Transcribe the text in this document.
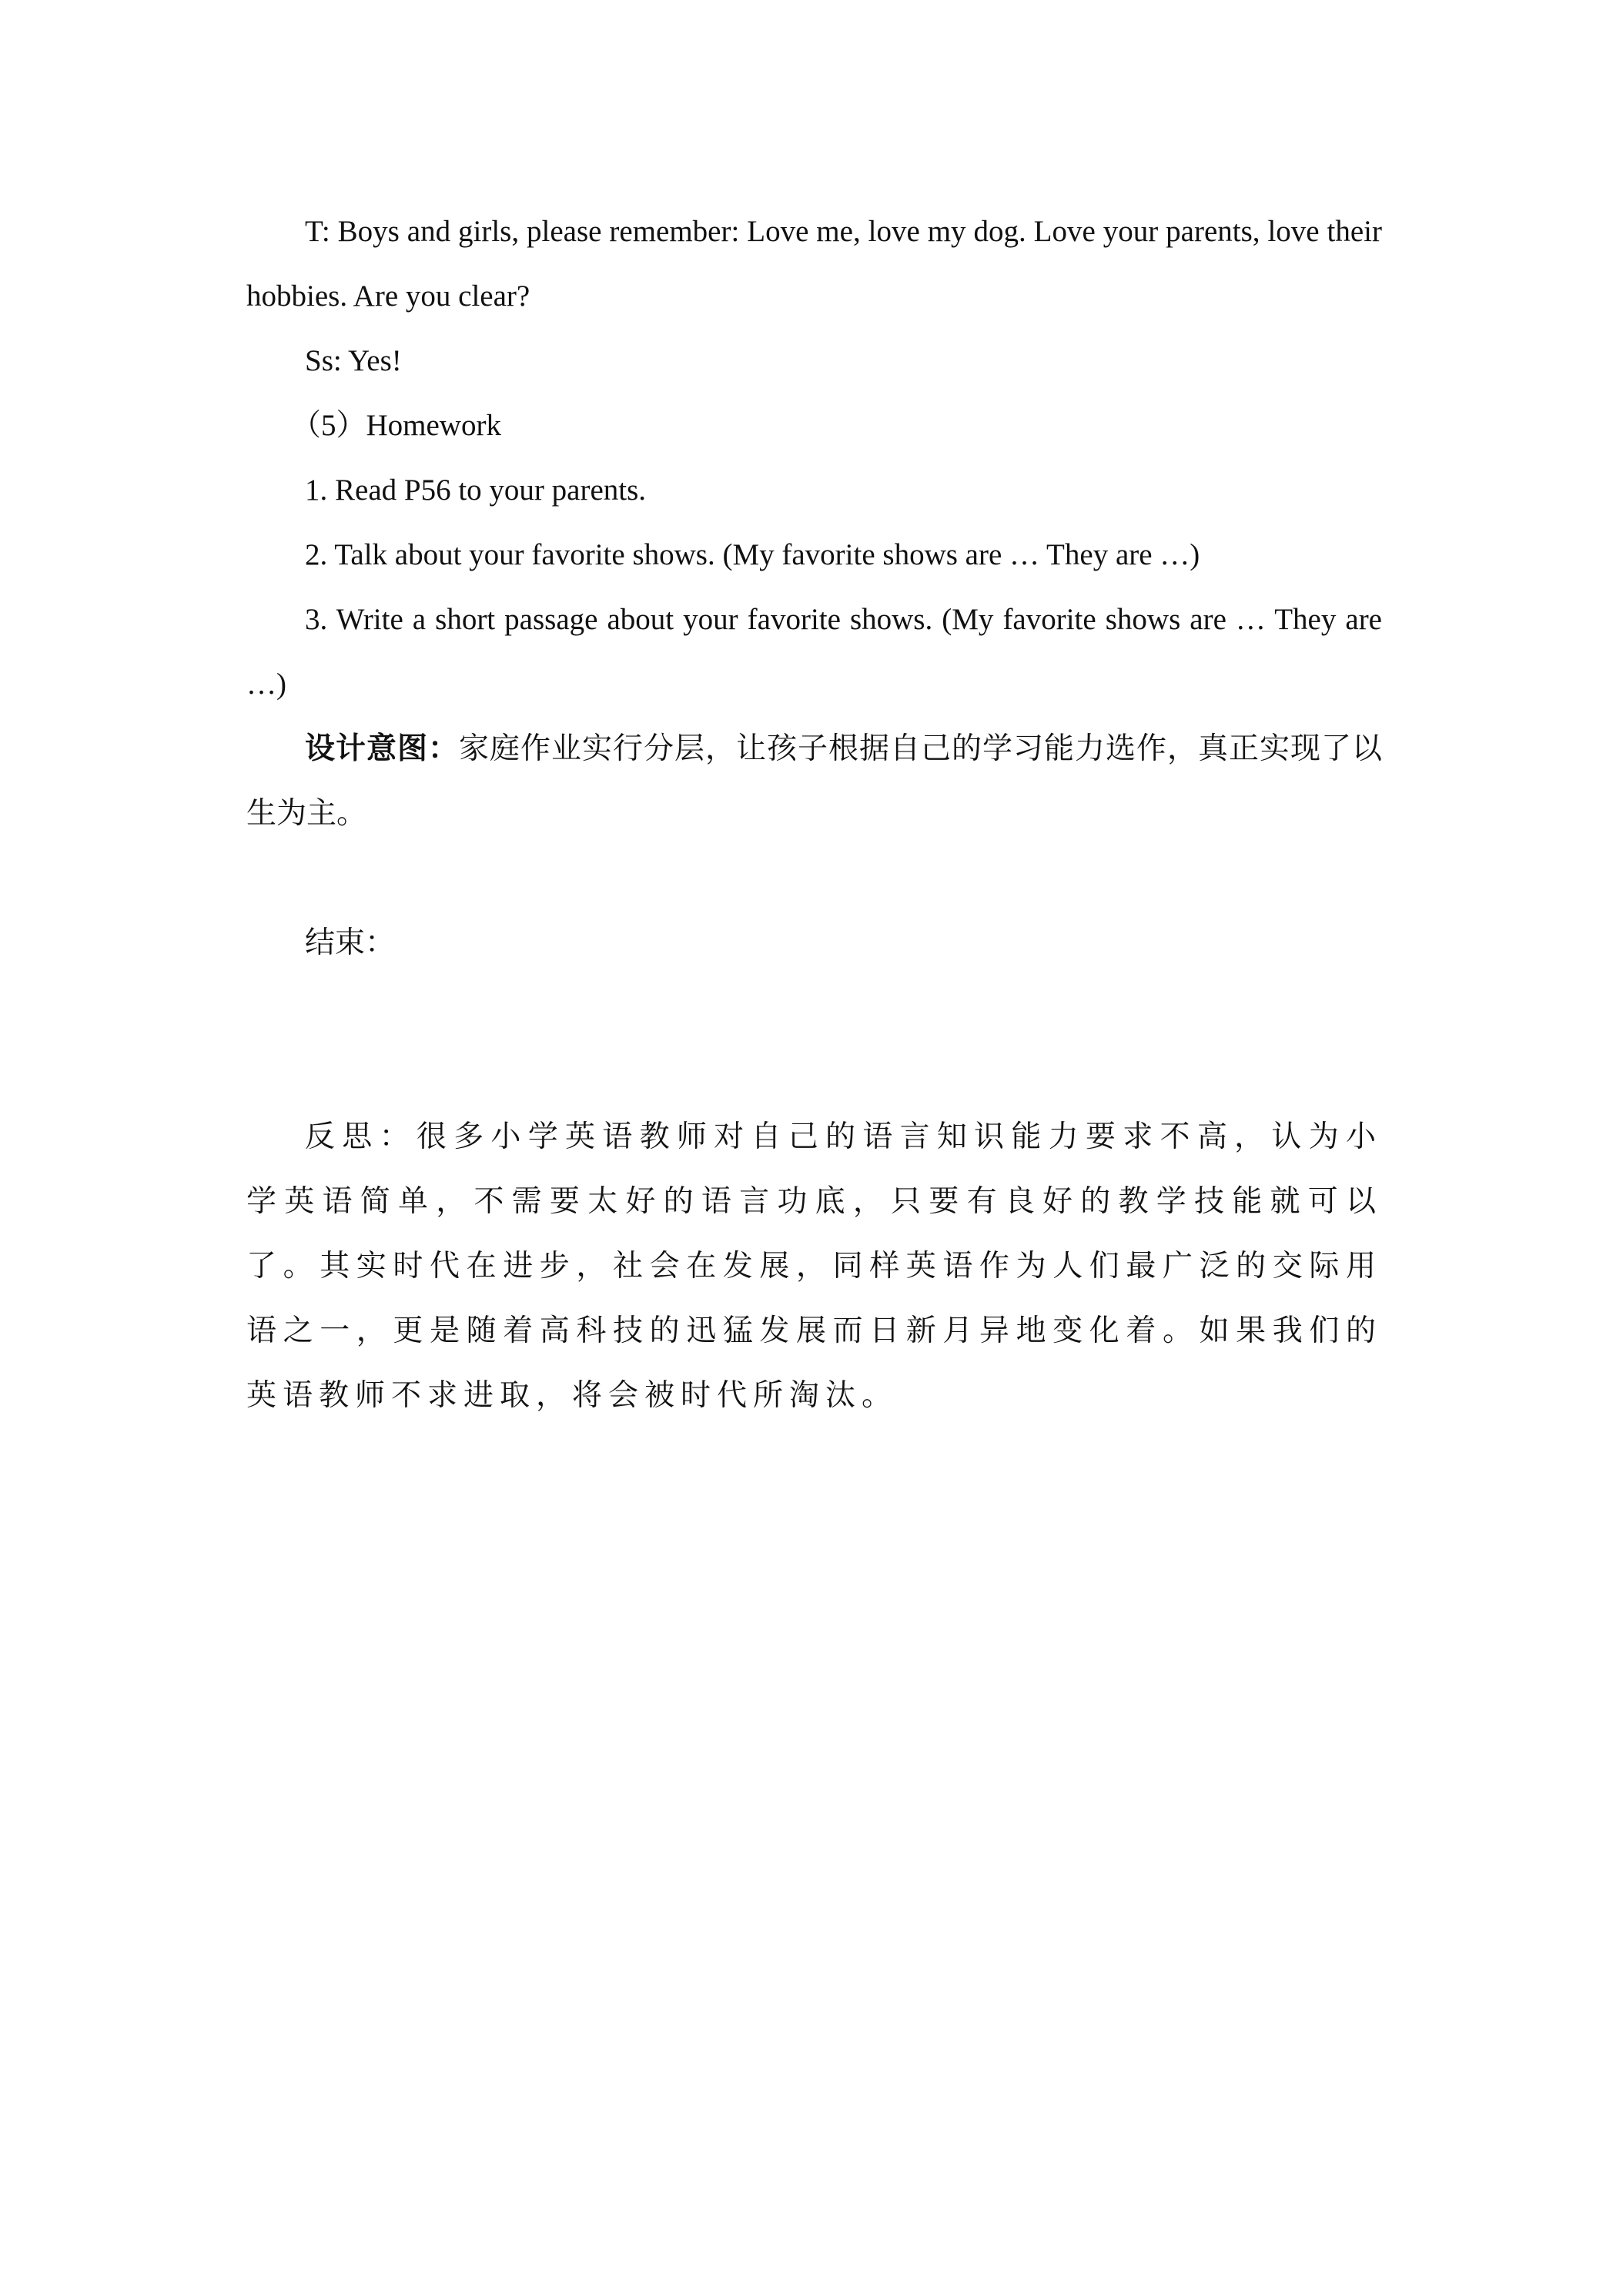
T: Boys and girls, please remember: Love me, love my dog. Love your parents, love their hobbies. Are you clear?

Ss: Yes!

（5）Homework

1. Read P56 to your parents.

2. Talk about your favorite shows. (My favorite shows are … They are …)

3. Write a short passage about your favorite shows. (My favorite shows are … They are …)

设计意图：家庭作业实行分层，让孩子根据自己的学习能力选作，真正实现了以生为主。

结束：

反思：很多小学英语教师对自己的语言知识能力要求不高，认为小学英语简单，不需要太好的语言功底，只要有良好的教学技能就可以了。其实时代在进步，社会在发展，同样英语作为人们最广泛的交际用语之一，更是随着高科技的迅猛发展而日新月异地变化着。如果我们的英语教师不求进取，将会被时代所淘汰。
